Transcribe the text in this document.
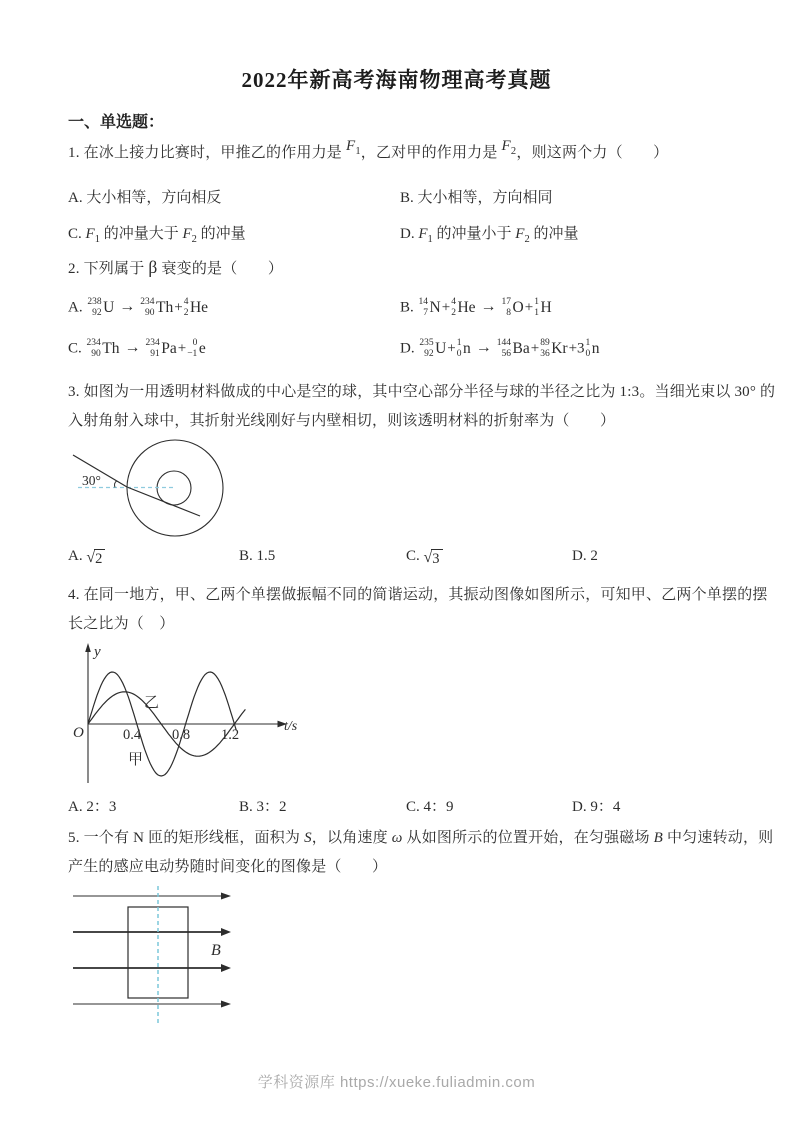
2022年新高考海南物理高考真题
一、单选题：
1. 在冰上接力比赛时，甲推乙的作用力是 $F_1$，乙对甲的作用力是 $F_2$，则这两个力（　　）
A. 大小相等，方向相反	B. 大小相等，方向相同
C. $F_1$ 的冲量大于 $F_2$ 的冲量	D. $F_1$ 的冲量小于 $F_2$ 的冲量
2. 下列属于 β 衰变的是（　　）
A. 238
92 U → 234
90 Th + 4
2 He	B. 14
7 N + 4
2 He → 17
8 O + 1
1 H
C. 234
90 Th → 234
91 Pa + 0
−1 e	D. 235
92 U + 1
0 n → 144
56 Ba + 89
36 Kr +3 1
0 n
3. 如图为一用透明材料做成的中心是空的球，其中空心部分半径与球的半径之比为 1:3。当细光束以 30° 的
入射角射入球中，其折射光线刚好与内壁相切，则该透明材料的折射率为（　　）
30°
A. √ 2	B. 1.5	C. √ 3	D. 2
4. 在同一地方，甲、乙两个单摆做振幅不同的简谐运动，其振动图像如图所示，可知甲、乙两个单摆的摆
长之比为（　）
y
t/s
O	0.4 0.8 1.2
乙
甲
A. 2：3	B. 3：2	C. 4：9	D. 9：4
5. 一个有 N 匝的矩形线框，面积为 S，以角速度 ω 从如图所示的位置开始，在匀强磁场 B 中匀速转动，则
产生的感应电动势随时间变化的图像是（　　）
B
学科资源库 https://xueke.fuliadmin.com
